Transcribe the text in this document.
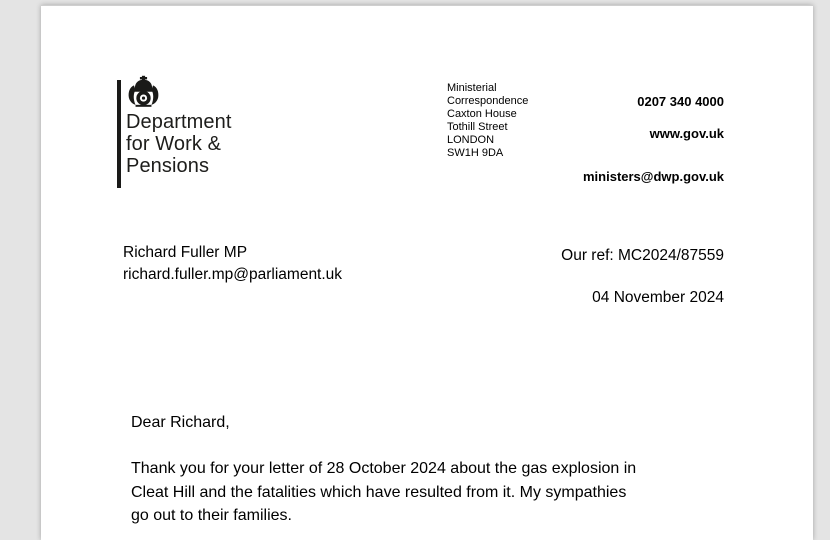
Department
for Work &
Pensions
Ministerial
Correspondence
Caxton House
Tothill Street
LONDON
SW1H 9DA
0207 340 4000
www.gov.uk
ministers@dwp.gov.uk
Richard Fuller MP
richard.fuller.mp@parliament.uk
Our ref: MC2024/87559
04 November 2024
Dear Richard,
Thank you for your letter of 28 October 2024 about the gas explosion in
Cleat Hill and the fatalities which have resulted from it. My sympathies
go out to their families.
